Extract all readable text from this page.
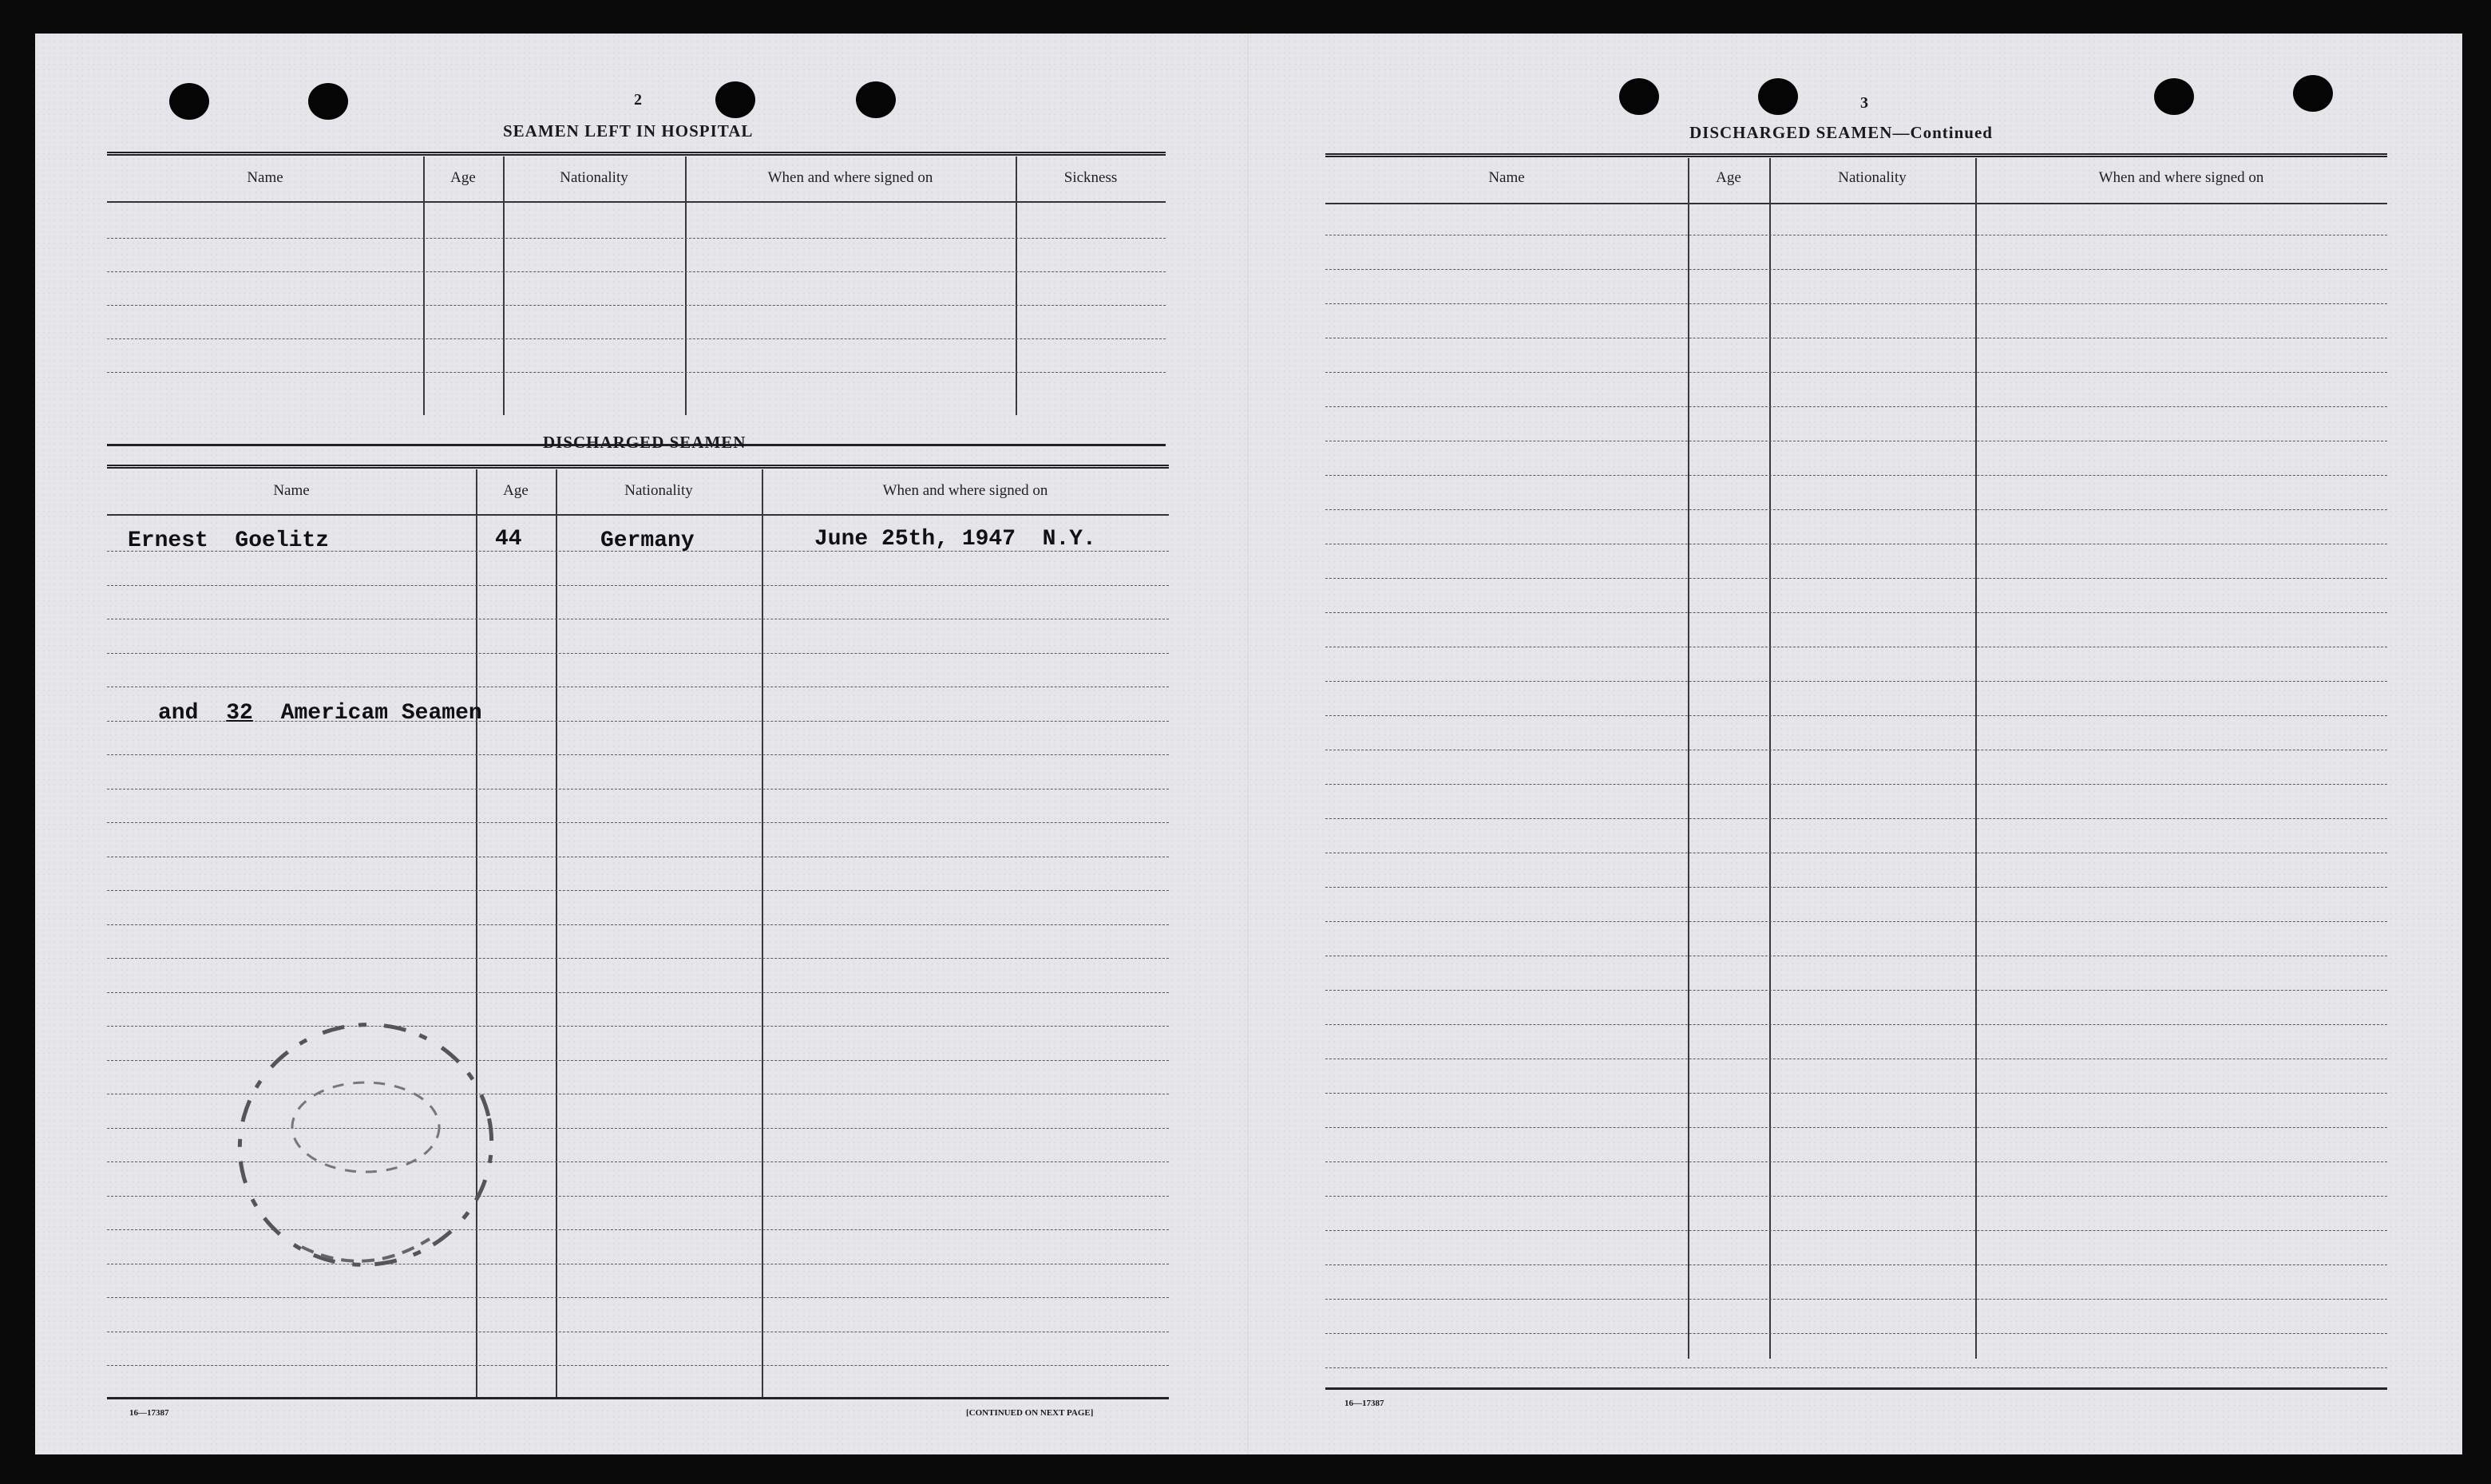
2
SEAMEN LEFT IN HOSPITAL
Name	Age	Nationality	When and where signed on	Sickness
DISCHARGED SEAMEN
Name	Age	Nationality	When and where signed on
Ernest  Goelitz	44	Germany	June 25th, 1947  N.Y.
and 32 Americam Seamen
16—17387	[CONTINUED ON NEXT PAGE]
3
DISCHARGED SEAMEN—Continued
Name	Age	Nationality	When and where signed on
16—17387
